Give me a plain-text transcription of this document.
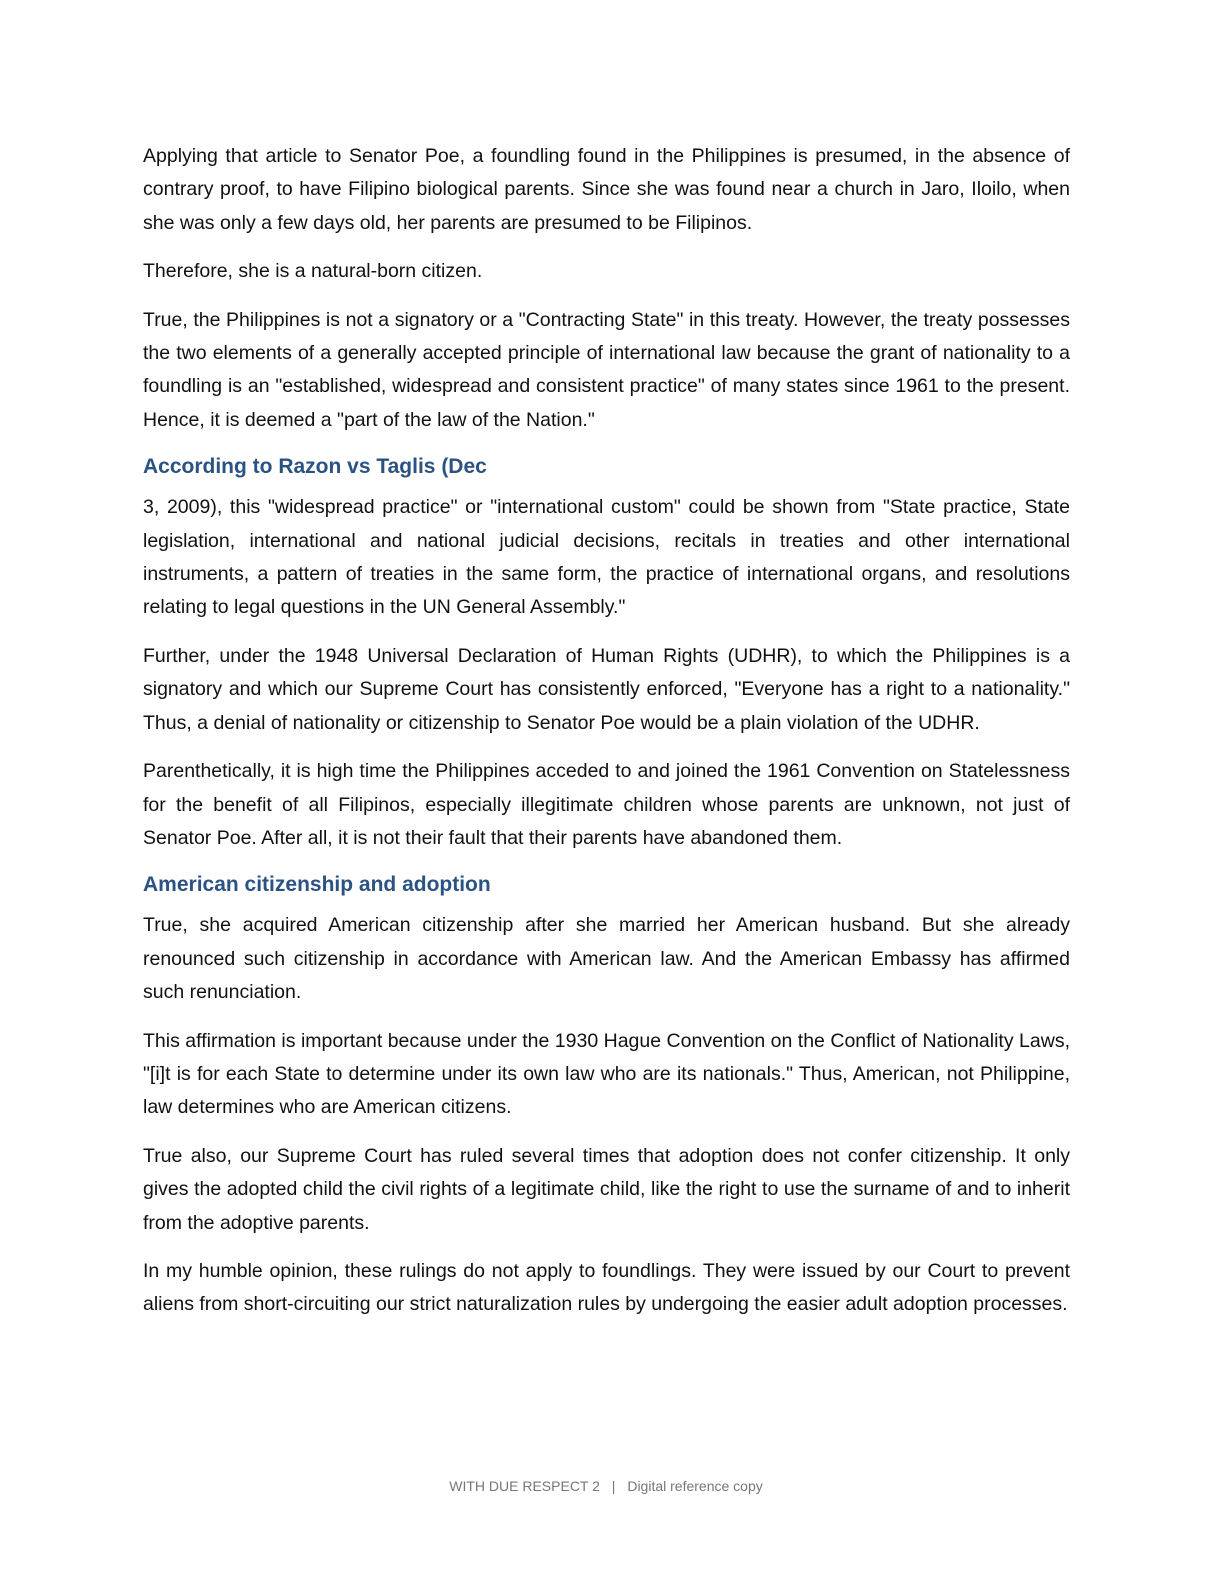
Applying that article to Senator Poe, a foundling found in the Philippines is presumed, in the absence of contrary proof, to have Filipino biological parents. Since she was found near a church in Jaro, Iloilo, when she was only a few days old, her parents are presumed to be Filipinos.

Therefore, she is a natural-born citizen.

True, the Philippines is not a signatory or a "Contracting State" in this treaty. However, the treaty possesses the two elements of a generally accepted principle of international law because the grant of nationality to a foundling is an "established, widespread and consistent practice" of many states since 1961 to the present. Hence, it is deemed a "part of the law of the Nation."

According to Razon vs Taglis (Dec

3, 2009), this "widespread practice" or "international custom" could be shown from "State practice, State legislation, international and national judicial decisions, recitals in treaties and other international instruments, a pattern of treaties in the same form, the practice of international organs, and resolutions relating to legal questions in the UN General Assembly."

Further, under the 1948 Universal Declaration of Human Rights (UDHR), to which the Philippines is a signatory and which our Supreme Court has consistently enforced, "Everyone has a right to a nationality." Thus, a denial of nationality or citizenship to Senator Poe would be a plain violation of the UDHR.

Parenthetically, it is high time the Philippines acceded to and joined the 1961 Convention on Statelessness for the benefit of all Filipinos, especially illegitimate children whose parents are unknown, not just of Senator Poe. After all, it is not their fault that their parents have abandoned them.

American citizenship and adoption

True, she acquired American citizenship after she married her American husband. But she already renounced such citizenship in accordance with American law. And the American Embassy has affirmed such renunciation.

This affirmation is important because under the 1930 Hague Convention on the Conflict of Nationality Laws, "[i]t is for each State to determine under its own law who are its nationals." Thus, American, not Philippine, law determines who are American citizens.

True also, our Supreme Court has ruled several times that adoption does not confer citizenship. It only gives the adopted child the civil rights of a legitimate child, like the right to use the surname of and to inherit from the adoptive parents.

In my humble opinion, these rulings do not apply to foundlings. They were issued by our Court to prevent aliens from short-circuiting our strict naturalization rules by undergoing the easier adult adoption processes.

WITH DUE RESPECT 2 | Digital reference copy
